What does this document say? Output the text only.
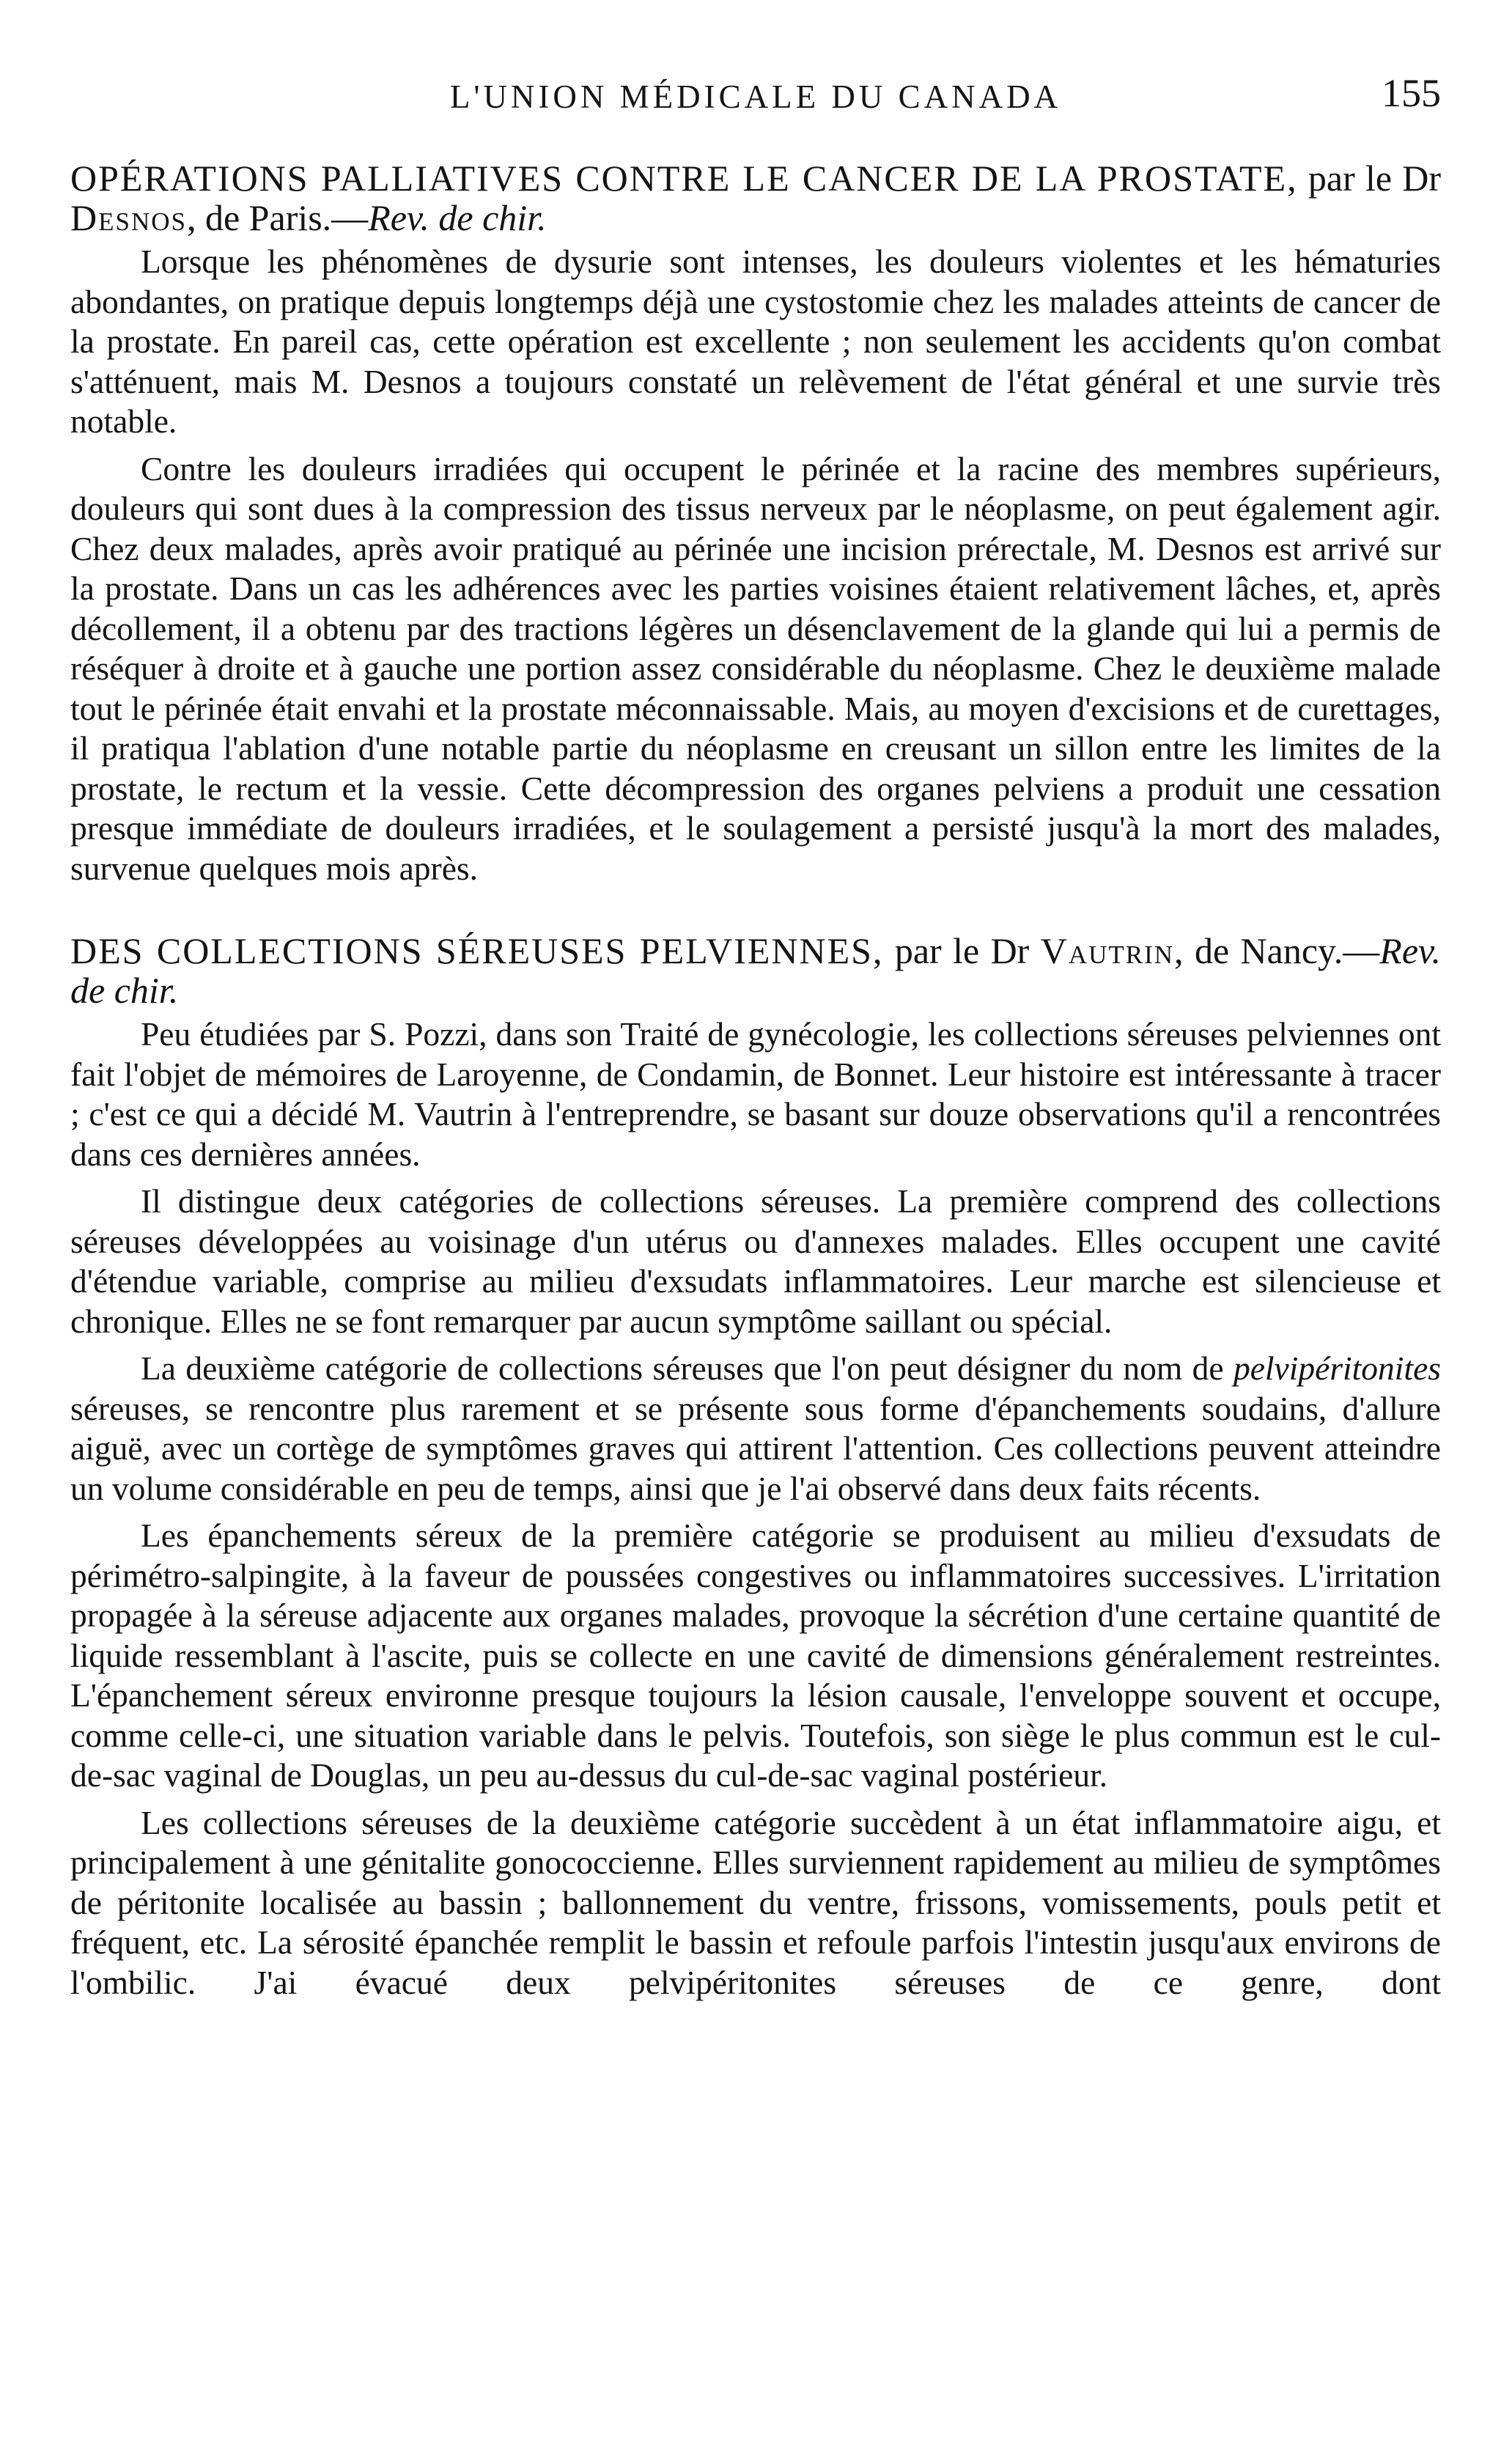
L'UNION MÉDICALE DU CANADA	155

OPÉRATIONS PALLIATIVES CONTRE LE CANCER DE LA PROSTATE, par le Dr Desnos, de Paris.—Rev. de chir.

Lorsque les phénomènes de dysurie sont intenses, les douleurs violentes et les hématuries abondantes, on pratique depuis longtemps déjà une cystostomie chez les malades atteints de cancer de la prostate. En pareil cas, cette opération est excellente ; non seulement les accidents qu'on combat s'atténuent, mais M. Desnos a toujours constaté un relèvement de l'état général et une survie très notable.

Contre les douleurs irradiées qui occupent le périnée et la racine des membres supérieurs, douleurs qui sont dues à la compression des tissus nerveux par le néoplasme, on peut également agir. Chez deux malades, après avoir pratiqué au périnée une incision prérectale, M. Desnos est arrivé sur la prostate. Dans un cas les adhérences avec les parties voisines étaient relativement lâches, et, après décollement, il a obtenu par des tractions légères un désenclavement de la glande qui lui a permis de réséquer à droite et à gauche une portion assez considérable du néoplasme. Chez le deuxième malade tout le périnée était envahi et la prostate méconnaissable. Mais, au moyen d'excisions et de curettages, il pratiqua l'ablation d'une notable partie du néoplasme en creusant un sillon entre les limites de la prostate, le rectum et la vessie. Cette décompression des organes pelviens a produit une cessation presque immédiate de douleurs irradiées, et le soulagement a persisté jusqu'à la mort des malades, survenue quelques mois après.

DES COLLECTIONS SÉREUSES PELVIENNES, par le Dr Vautrin, de Nancy.—Rev. de chir.

Peu étudiées par S. Pozzi, dans son Traité de gynécologie, les collections séreuses pelviennes ont fait l'objet de mémoires de Laroyenne, de Condamin, de Bonnet. Leur histoire est intéressante à tracer ; c'est ce qui a décidé M. Vautrin à l'entreprendre, se basant sur douze observations qu'il a rencontrées dans ces dernières années.

Il distingue deux catégories de collections séreuses. La première comprend des collections séreuses développées au voisinage d'un utérus ou d'annexes malades. Elles occupent une cavité d'étendue variable, comprise au milieu d'exsudats inflammatoires. Leur marche est silencieuse et chronique. Elles ne se font remarquer par aucun symptôme saillant ou spécial.

La deuxième catégorie de collections séreuses que l'on peut désigner du nom de pelvipéritonites séreuses, se rencontre plus rarement et se présente sous forme d'épanchements soudains, d'allure aiguë, avec un cortège de symptômes graves qui attirent l'attention. Ces collections peuvent atteindre un volume considérable en peu de temps, ainsi que je l'ai observé dans deux faits récents.

Les épanchements séreux de la première catégorie se produisent au milieu d'exsudats de périmétro-salpingite, à la faveur de poussées congestives ou inflammatoires successives. L'irritation propagée à la séreuse adjacente aux organes malades, provoque la sécrétion d'une certaine quantité de liquide ressemblant à l'ascite, puis se collecte en une cavité de dimensions généralement restreintes. L'épanchement séreux environne presque toujours la lésion causale, l'enveloppe souvent et occupe, comme celle-ci, une situation variable dans le pelvis. Toutefois, son siège le plus commun est le cul-de-sac vaginal de Douglas, un peu au-dessus du cul-de-sac vaginal postérieur.

Les collections séreuses de la deuxième catégorie succèdent à un état inflammatoire aigu, et principalement à une génitalite gonococcienne. Elles surviennent rapidement au milieu de symptômes de péritonite localisée au bassin ; ballonnement du ventre, frissons, vomissements, pouls petit et fréquent, etc. La sérosité épanchée remplit le bassin et refoule parfois l'intestin jusqu'aux environs de l'ombilic. J'ai évacué deux pelvipéritonites séreuses de ce genre, dont
